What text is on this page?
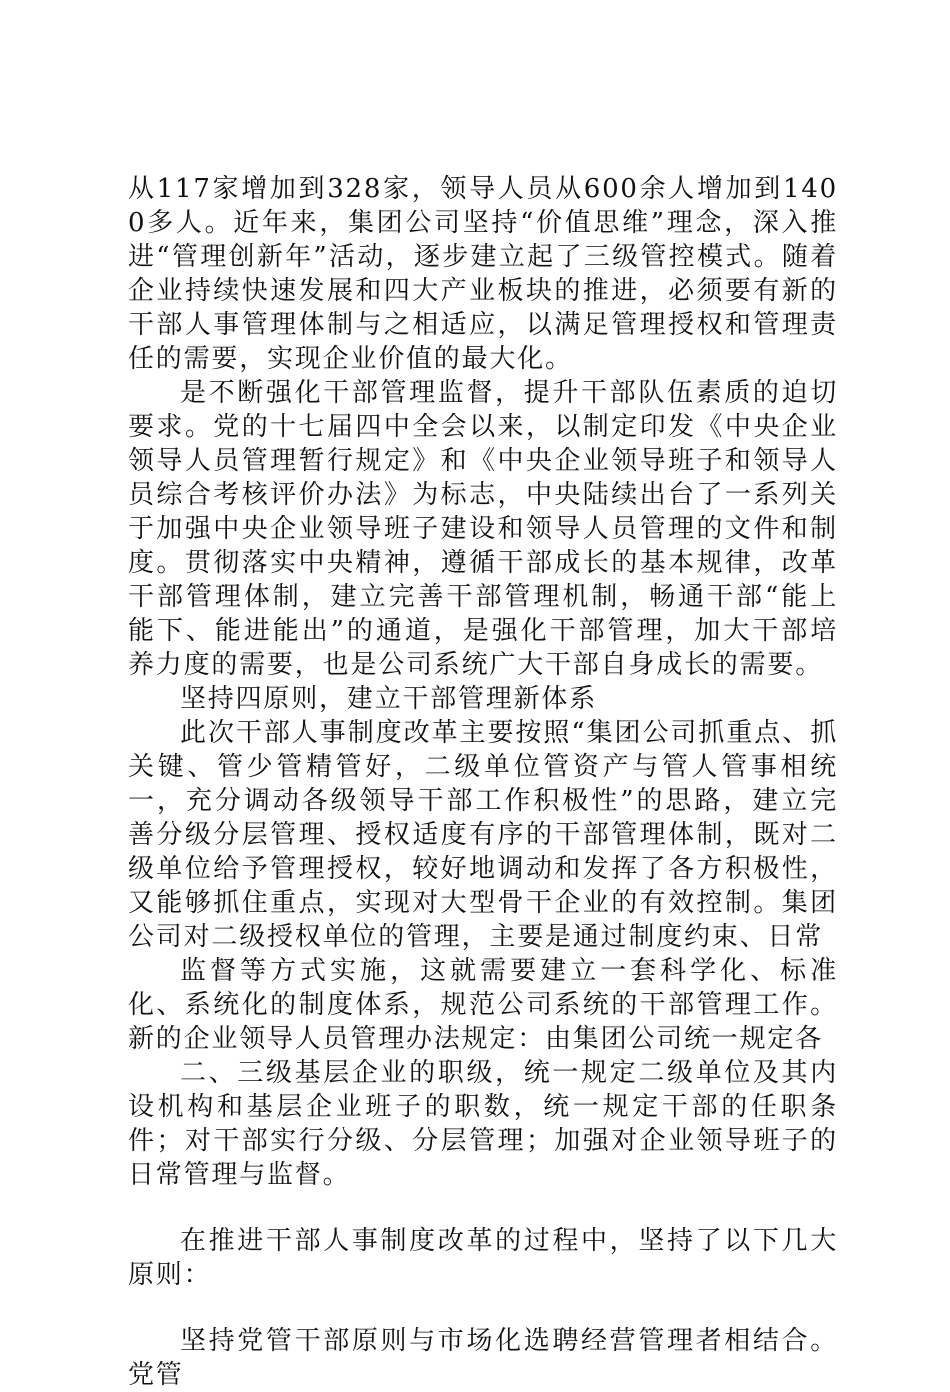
从117家增加到328家，领导人员从600余人增加到1400多人。近年来，集团公司坚持“价值思维”理念，深入推进“管理创新年”活动，逐步建立起了三级管控模式。随着企业持续快速发展和四大产业板块的推进，必须要有新的干部人事管理体制与之相适应，以满足管理授权和管理责任的需要，实现企业价值的最大化。

是不断强化干部管理监督，提升干部队伍素质的迫切要求。党的十七届四中全会以来，以制定印发《中央企业领导人员管理暂行规定》和《中央企业领导班子和领导人员综合考核评价办法》为标志，中央陆续出台了一系列关于加强中央企业领导班子建设和领导人员管理的文件和制度。贯彻落实中央精神，遵循干部成长的基本规律，改革干部管理体制，建立完善干部管理机制，畅通干部“能上能下、能进能出”的通道，是强化干部管理，加大干部培养力度的需要，也是公司系统广大干部自身成长的需要。

坚持四原则，建立干部管理新体系

此次干部人事制度改革主要按照“集团公司抓重点、抓关键、管少管精管好，二级单位管资产与管人管事相统一，充分调动各级领导干部工作积极性”的思路，建立完善分级分层管理、授权适度有序的干部管理体制，既对二级单位给予管理授权，较好地调动和发挥了各方积极性，又能够抓住重点，实现对大型骨干企业的有效控制。集团公司对二级授权单位的管理，主要是通过制度约束、日常

监督等方式实施，这就需要建立一套科学化、标准化、系统化的制度体系，规范公司系统的干部管理工作。新的企业领导人员管理办法规定：由集团公司统一规定各

二、三级基层企业的职级，统一规定二级单位及其内设机构和基层企业班子的职数，统一规定干部的任职条件；对干部实行分级、分层管理；加强对企业领导班子的日常管理与监督。

在推进干部人事制度改革的过程中，坚持了以下几大原则：

坚持党管干部原则与市场化选聘经营管理者相结合。党管
